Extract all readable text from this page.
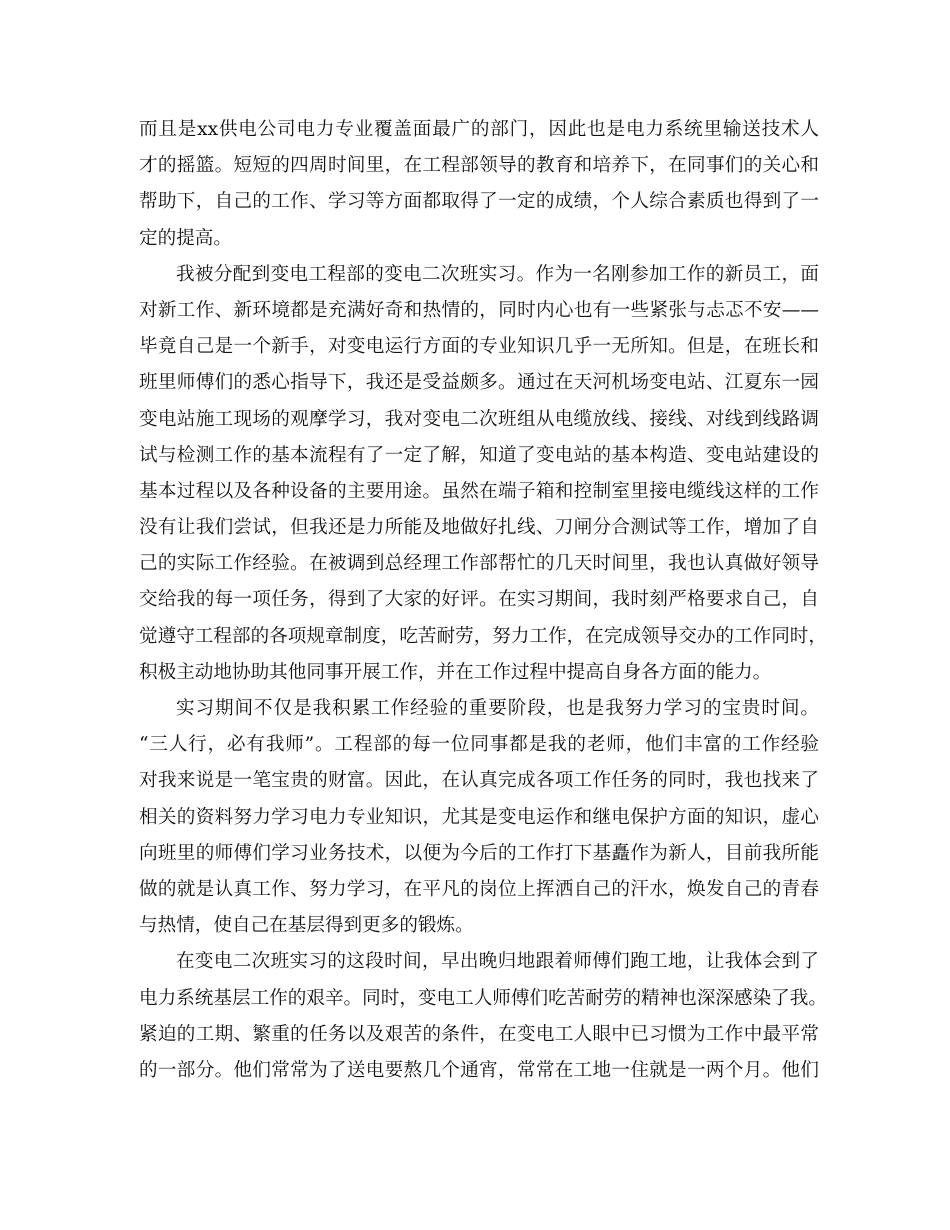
而且是xx供电公司电力专业覆盖面最广的部门，因此也是电力系统里输送技术人
才的摇篮。短短的四周时间里，在工程部领导的教育和培养下，在同事们的关心和
帮助下，自己的工作、学习等方面都取得了一定的成绩，个人综合素质也得到了一
定的提高。
我被分配到变电工程部的变电二次班实习。作为一名刚参加工作的新员工，面
对新工作、新环境都是充满好奇和热情的，同时内心也有一些紧张与忐忑不安——
毕竟自己是一个新手，对变电运行方面的专业知识几乎一无所知。但是，在班长和
班里师傅们的悉心指导下，我还是受益颇多。通过在天河机场变电站、江夏东一园
变电站施工现场的观摩学习，我对变电二次班组从电缆放线、接线、对线到线路调
试与检测工作的基本流程有了一定了解，知道了变电站的基本构造、变电站建设的
基本过程以及各种设备的主要用途。虽然在端子箱和控制室里接电缆线这样的工作
没有让我们尝试，但我还是力所能及地做好扎线、刀闸分合测试等工作，增加了自
己的实际工作经验。在被调到总经理工作部帮忙的几天时间里，我也认真做好领导
交给我的每一项任务，得到了大家的好评。在实习期间，我时刻严格要求自己，自
觉遵守工程部的各项规章制度，吃苦耐劳，努力工作，在完成领导交办的工作同时，
积极主动地协助其他同事开展工作，并在工作过程中提高自身各方面的能力。
实习期间不仅是我积累工作经验的重要阶段，也是我努力学习的宝贵时间。
“三人行，必有我师”。工程部的每一位同事都是我的老师，他们丰富的工作经验
对我来说是一笔宝贵的财富。因此，在认真完成各项工作任务的同时，我也找来了
相关的资料努力学习电力专业知识，尤其是变电运作和继电保护方面的知识，虚心
向班里的师傅们学习业务技术，以便为今后的工作打下基矗作为新人，目前我所能
做的就是认真工作、努力学习，在平凡的岗位上挥洒自己的汗水，焕发自己的青春
与热情，使自己在基层得到更多的锻炼。
在变电二次班实习的这段时间，早出晚归地跟着师傅们跑工地，让我体会到了
电力系统基层工作的艰辛。同时，变电工人师傅们吃苦耐劳的精神也深深感染了我。
紧迫的工期、繁重的任务以及艰苦的条件，在变电工人眼中已习惯为工作中最平常
的一部分。他们常常为了送电要熬几个通宵，常常在工地一住就是一两个月。他们
